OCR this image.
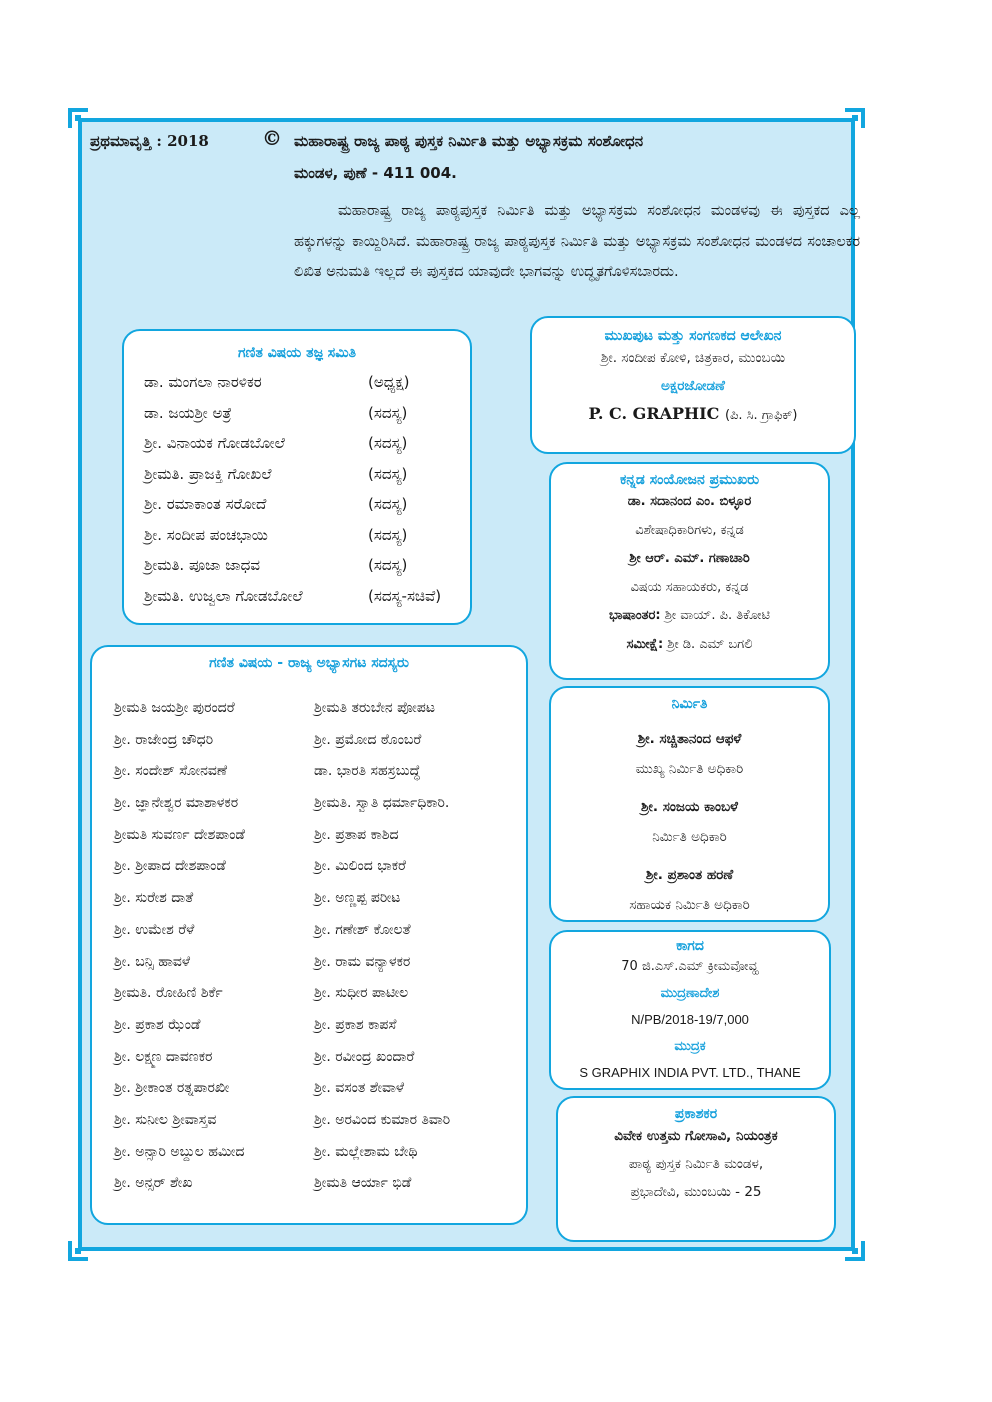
ಪ್ರಥಮಾವೃತ್ತಿ : 2018	© ಮಹಾರಾಷ್ಟ್ರ ರಾಜ್ಯ ಪಾಠ್ಯ ಪುಸ್ತಕ ನಿರ್ಮಿತಿ ಮತ್ತು ಅಭ್ಯಾಸಕ್ರಮ ಸಂಶೋಧನ
ಮಂಡಳ, ಪುಣೆ - 411 004.
ಮಹಾರಾಷ್ಟ್ರ ರಾಜ್ಯ ಪಾಠ್ಯಪುಸ್ತಕ ನಿರ್ಮಿತಿ ಮತ್ತು ಅಭ್ಯಾಸಕ್ರಮ ಸಂಶೋಧನ ಮಂಡಳವು ಈ ಪುಸ್ತಕದ ಎಲ್ಲ ಹಕ್ಕುಗಳನ್ನು ಕಾಯ್ದಿರಿಸಿದೆ. ಮಹಾರಾಷ್ಟ್ರ ರಾಜ್ಯ ಪಾಠ್ಯಪುಸ್ತಕ ನಿರ್ಮಿತಿ ಮತ್ತು ಅಭ್ಯಾಸಕ್ರಮ ಸಂಶೋಧನ ಮಂಡಳದ ಸಂಚಾಲಕರ ಲಿಖಿತ ಅನುಮತಿ ಇಲ್ಲದೆ ಈ ಪುಸ್ತಕದ ಯಾವುದೇ ಭಾಗವನ್ನು ಉದ್ಧೃತಗೊಳಿಸಬಾರದು.
ಗಣಿತ ವಿಷಯ ತಜ್ಞ ಸಮಿತಿ
ಡಾ. ಮಂಗಲಾ ನಾರಳಿಕರ	(ಅಧ್ಯಕ್ಷ)
ಡಾ. ಜಯಶ್ರೀ ಅತ್ರೆ	(ಸದಸ್ಯ)
ಶ್ರೀ. ವಿನಾಯಕ ಗೋಡಬೋಲೆ	(ಸದಸ್ಯ)
ಶ್ರೀಮತಿ. ಪ್ರಾಜಕ್ತಿ ಗೋಖಲೆ	(ಸದಸ್ಯ)
ಶ್ರೀ. ರಮಾಕಾಂತ ಸರೋದೆ	(ಸದಸ್ಯ)
ಶ್ರೀ. ಸಂದೀಪ ಪಂಚಭಾಯಿ	(ಸದಸ್ಯ)
ಶ್ರೀಮತಿ. ಪೂಜಾ ಜಾಧವ	(ಸದಸ್ಯ)
ಶ್ರೀಮತಿ. ಉಜ್ವಲಾ ಗೋಡಬೋಲೆ	(ಸದಸ್ಯ-ಸಚಿವೆ)
ಮುಖಪುಟ ಮತ್ತು ಸಂಗಣಕದ ಆಲೇಖನ
ಶ್ರೀ. ಸಂದೀಪ ಕೋಳಿ, ಚಿತ್ರಕಾರ, ಮುಂಬಯಿ
ಅಕ್ಷರಜೋಡಣೆ
P. C. GRAPHIC (ಪಿ. ಸಿ. ಗ್ರಾಫಿಕ್)
ಕನ್ನಡ ಸಂಯೋಜನ ಪ್ರಮುಖರು
ಡಾ. ಸದಾನಂದ ಎಂ. ಬಿಳ್ಳೂರ
ವಿಶೇಷಾಧಿಕಾರಿಗಳು, ಕನ್ನಡ
ಶ್ರೀ ಆರ್. ಎಮ್. ಗಣಾಚಾರಿ
ವಿಷಯ ಸಹಾಯಕರು, ಕನ್ನಡ
ಭಾಷಾಂತರ: ಶ್ರೀ ವಾಯ್. ಪಿ. ತಿಕೋಟಿ
ಸಮೀಕ್ಷೆ: ಶ್ರೀ ಡಿ. ಎಮ್ ಬಗಲಿ
ನಿರ್ಮಿತಿ
ಶ್ರೀ. ಸಚ್ಚಿತಾನಂದ ಆಫಳೆ
ಮುಖ್ಯ ನಿರ್ಮಿತಿ ಅಧಿಕಾರಿ
ಶ್ರೀ. ಸಂಜಯ ಕಾಂಬಳೆ
ನಿರ್ಮಿತಿ ಅಧಿಕಾರಿ
ಶ್ರೀ. ಪ್ರಶಾಂತ ಹರಣೆ
ಸಹಾಯಕ ನಿರ್ಮಿತಿ ಅಧಿಕಾರಿ
ಕಾಗದ
70 ಜಿ.ಎಸ್.ಎಮ್ ಕ್ರೀಮವೋವ್ಹ
ಮುದ್ರಣಾದೇಶ
N/PB/2018-19/7,000
ಮುದ್ರಕ
S GRAPHIX INDIA PVT. LTD., THANE
ಪ್ರಕಾಶಕರ
ವಿವೇಕ ಉತ್ತಮ ಗೋಸಾವಿ, ನಿಯಂತ್ರಕ
ಪಾಠ್ಯ ಪುಸ್ತಕ ನಿರ್ಮಿತಿ ಮಂಡಳ,
ಪ್ರಭಾದೇವಿ, ಮುಂಬಯಿ - 25
ಗಣಿತ ವಿಷಯ - ರಾಜ್ಯ ಅಭ್ಯಾಸಗಟ ಸದಸ್ಯರು
ಶ್ರೀಮತಿ ಜಯಶ್ರೀ ಪುರಂದರೆ	ಶ್ರೀಮತಿ ತರುಬೇನ ಪೋಪಟ
ಶ್ರೀ. ರಾಜೇಂದ್ರ ಚೌಧರಿ	ಶ್ರೀ. ಪ್ರಮೋದ ಠೊಂಬರೆ
ಶ್ರೀ. ಸಂದೇಶ್ ಸೋನವಣೆ	ಡಾ. ಭಾರತಿ ಸಹಸ್ರಬುದ್ಧೆ
ಶ್ರೀ. ಜ್ಞಾನೇಶ್ವರ ಮಾಶಾಳಕರ	ಶ್ರೀಮತಿ. ಸ್ವಾತಿ ಧರ್ಮಾಧಿಕಾರಿ.
ಶ್ರೀಮತಿ ಸುವರ್ಣ ದೇಶಪಾಂಡೆ	ಶ್ರೀ. ಪ್ರತಾಪ ಕಾಶಿದ
ಶ್ರೀ. ಶ್ರೀಪಾದ ದೇಶಪಾಂಡೆ	ಶ್ರೀ. ಮಿಲಿಂದ ಭಾಕರೆ
ಶ್ರೀ. ಸುರೇಶ ದಾತೆ	ಶ್ರೀ. ಅಣ್ಣಪ್ಪ ಪರೀಟ
ಶ್ರೀ. ಉಮೇಶ ರೆಳೆ	ಶ್ರೀ. ಗಣೇಶ್ ಕೋಲತೆ
ಶ್ರೀ. ಬನ್ಸಿ ಹಾವಳೆ	ಶ್ರೀ. ರಾಮ ವನ್ಯಾಳಕರ
ಶ್ರೀಮತಿ. ರೋಹಿಣಿ ಶಿರ್ಕೆ	ಶ್ರೀ. ಸುಧೀರ ಪಾಟೀಲ
ಶ್ರೀ. ಪ್ರಕಾಶ ಝೆಂಡೆ	ಶ್ರೀ. ಪ್ರಕಾಶ ಕಾಪಸೆ
ಶ್ರೀ. ಲಕ್ಷ್ಮಣ ದಾವಣಕರ	ಶ್ರೀ. ರವೀಂದ್ರ ಖಂದಾರೆ
ಶ್ರೀ. ಶ್ರೀಕಾಂತ ರತ್ನಪಾರಖೀ	ಶ್ರೀ. ವಸಂತ ಶೇವಾಳೆ
ಶ್ರೀ. ಸುನೀಲ ಶ್ರೀವಾಸ್ತವ	ಶ್ರೀ. ಅರವಿಂದ ಕುಮಾರ ತಿವಾರಿ
ಶ್ರೀ. ಅನ್ಸಾರಿ ಅಬ್ದುಲ ಹಮೀದ	ಶ್ರೀ. ಮಲ್ಲೇಶಾಮ ಬೇಥಿ
ಶ್ರೀ. ಅನ್ಸರ್ ಶೇಖ	ಶ್ರೀಮತಿ ಆರ್ಯಾ ಭಿಡೆ
